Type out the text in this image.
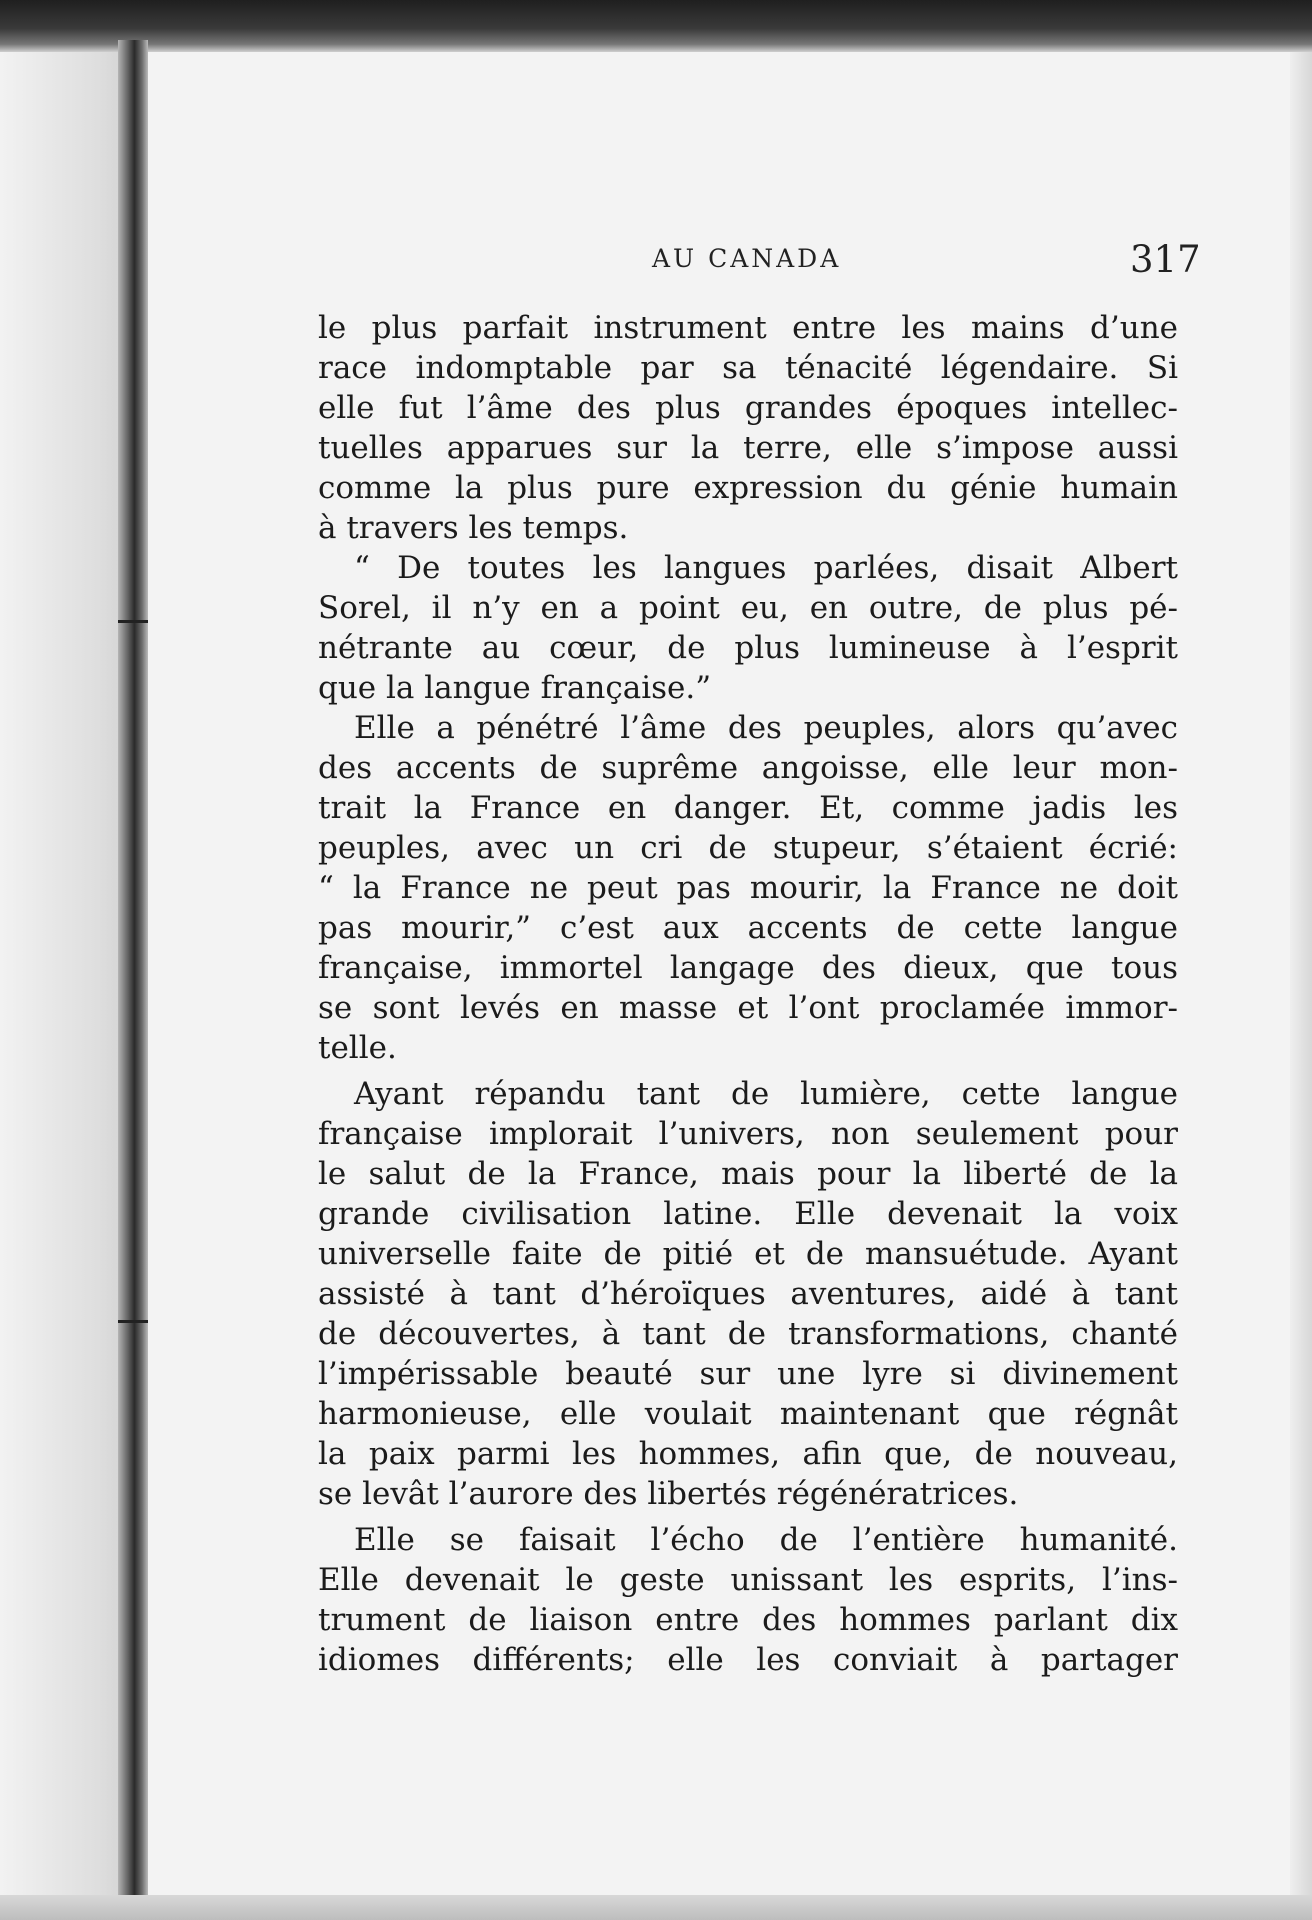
AU CANADA	317
le plus parfait instrument entre les mains d’une
race indomptable par sa ténacité légendaire. Si
elle fut l’âme des plus grandes époques intellec-
tuelles apparues sur la terre, elle s’impose aussi
comme la plus pure expression du génie humain
à travers les temps.
“ De toutes les langues parlées, disait Albert
Sorel, il n’y en a point eu, en outre, de plus pé-
nétrante au cœur, de plus lumineuse à l’esprit
que la langue française.”
Elle a pénétré l’âme des peuples, alors qu’avec
des accents de suprême angoisse, elle leur mon-
trait la France en danger. Et, comme jadis les
peuples, avec un cri de stupeur, s’étaient écrié:
“ la France ne peut pas mourir, la France ne doit
pas mourir,” c’est aux accents de cette langue
française, immortel langage des dieux, que tous
se sont levés en masse et l’ont proclamée immor-
telle.
Ayant répandu tant de lumière, cette langue
française implorait l’univers, non seulement pour
le salut de la France, mais pour la liberté de la
grande civilisation latine. Elle devenait la voix
universelle faite de pitié et de mansuétude. Ayant
assisté à tant d’héroïques aventures, aidé à tant
de découvertes, à tant de transformations, chanté
l’impérissable beauté sur une lyre si divinement
harmonieuse, elle voulait maintenant que régnât
la paix parmi les hommes, afin que, de nouveau,
se levât l’aurore des libertés régénératrices.
Elle se faisait l’écho de l’entière humanité.
Elle devenait le geste unissant les esprits, l’ins-
trument de liaison entre des hommes parlant dix
idiomes différents; elle les conviait à partager
